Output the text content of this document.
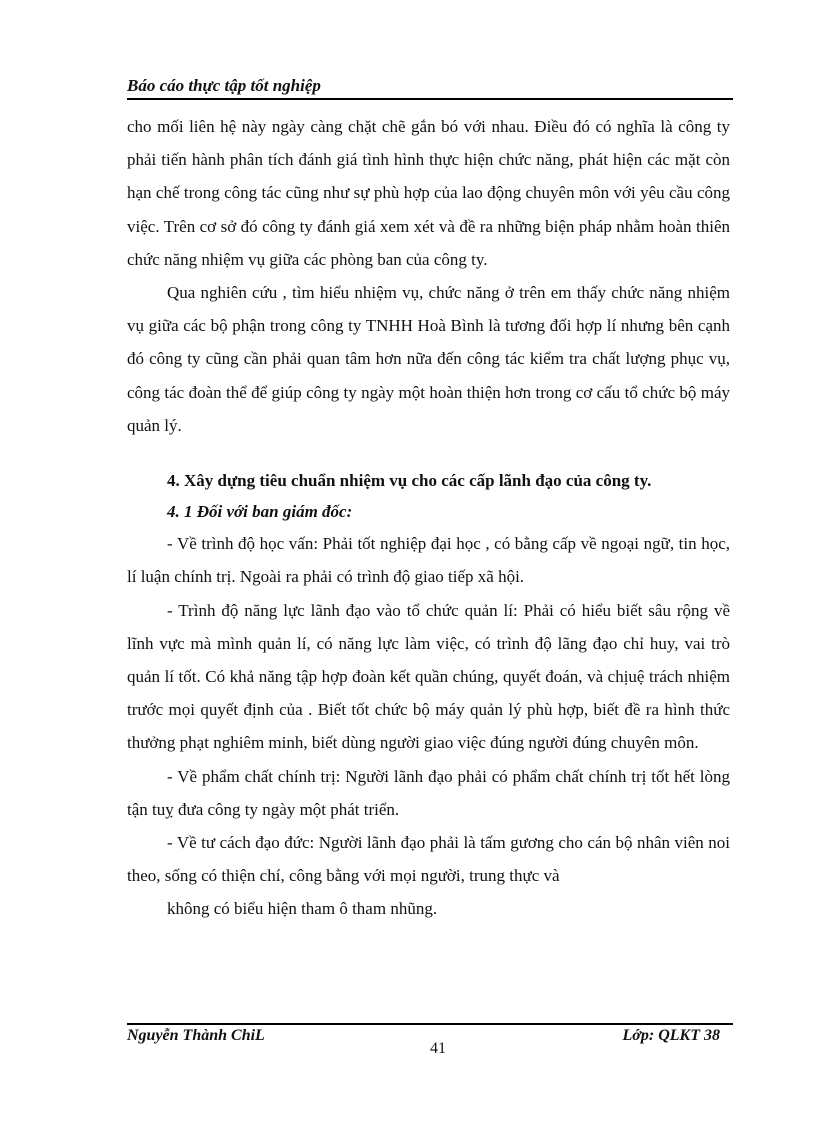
Báo cáo thực tập tốt nghiệp

cho mối liên hệ này ngày càng chặt chẽ gắn bó với nhau. Điều đó có nghĩa là công ty phải tiến hành phân tích đánh giá tình hình thực hiện chức năng, phát hiện các mặt còn hạn chế trong công tác cũng như sự phù hợp của lao động chuyên môn với yêu cầu công việc. Trên cơ sở đó công ty đánh giá xem xét và đề ra những biện pháp nhằm hoàn thiên chức năng nhiệm vụ giữa các phòng ban của công ty.

Qua nghiên cứu , tìm hiểu nhiệm vụ, chức năng ở trên em thấy chức năng nhiệm vụ giữa các bộ phận trong công ty TNHH Hoà Bình là tương đối hợp lí nhưng bên cạnh đó công ty cũng cần phải quan tâm hơn nữa đến công tác kiểm tra chất lượng phục vụ, công tác đoàn thể để giúp công ty ngày một hoàn thiện hơn trong cơ cấu tổ chức bộ máy quản lý.

4. Xây dựng tiêu chuẩn nhiệm vụ cho các cấp lãnh đạo của công ty.

4. 1 Đối với ban giám đốc:

- Về trình độ học vấn: Phải tốt nghiệp đại học , có bằng cấp về ngoại ngữ, tin học, lí luận chính trị. Ngoài ra phải có trình độ giao tiếp xã hội.

- Trình độ năng lực lãnh đạo vào tổ chức quản lí: Phải có hiểu biết sâu rộng về lĩnh vực mà mình quản lí, có năng lực làm việc, có trình độ lãng đạo chỉ huy, vai trò quản lí tốt. Có khả năng tập hợp đoàn kết quần chúng, quyết đoán, và chịuệ trách nhiệm trước mọi quyết định của . Biết tốt chức bộ máy quản lý phù hợp, biết đề ra hình thức thưởng phạt nghiêm minh, biết dùng người giao việc đúng người đúng chuyên môn.

- Về phẩm chất chính trị: Người lãnh đạo phải có phẩm chất chính trị tốt hết lòng tận tuỵ đưa công ty ngày một phát triển.

- Về tư cách đạo đức: Người lãnh đạo phải là tấm gương cho cán bộ nhân viên noi theo, sống có thiện chí, công bằng với mọi người, trung thực và

không có biểu hiện tham ô tham nhũng.

Nguyễn Thành ChiL	Lớp: QLKT 38
41
